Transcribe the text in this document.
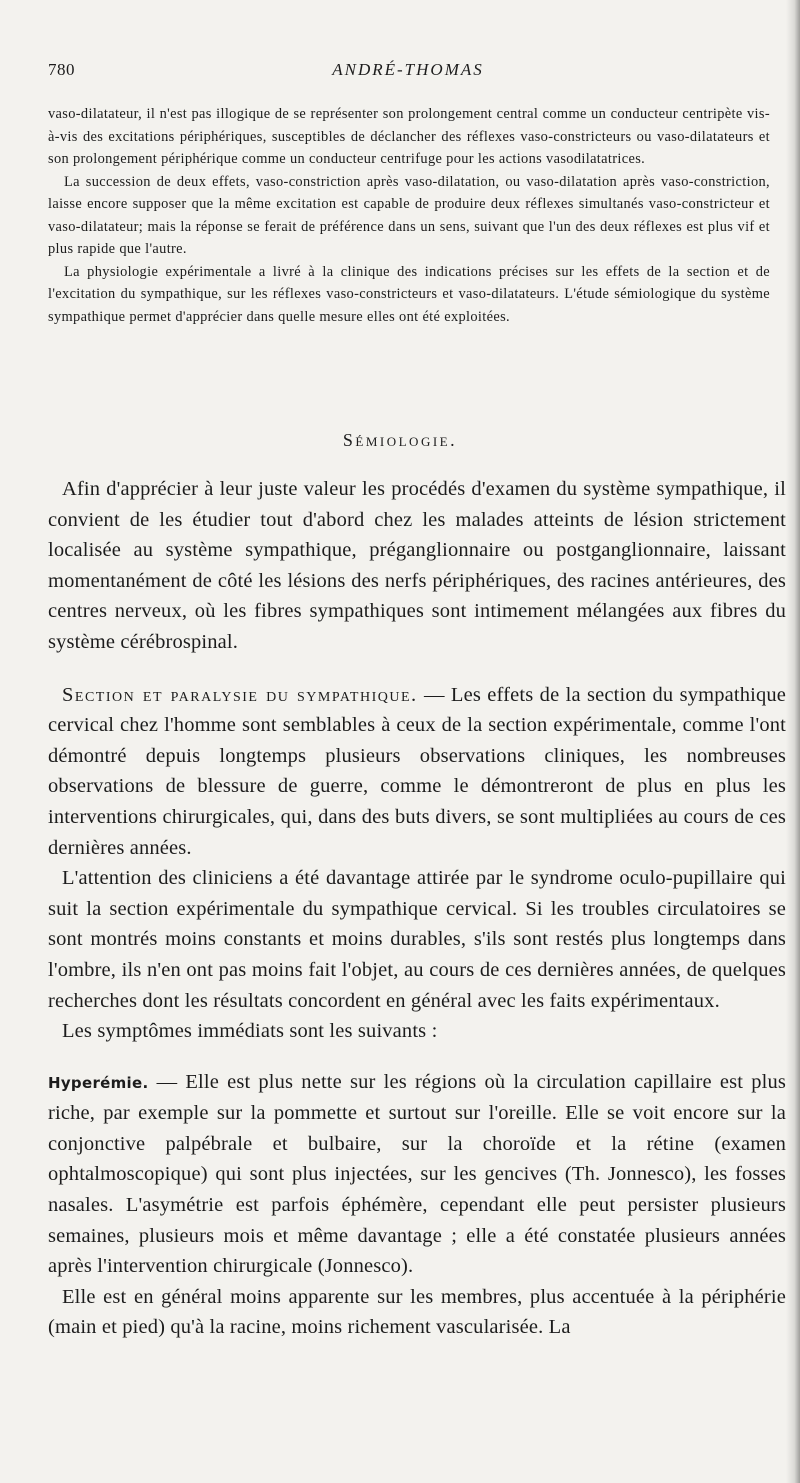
780	ANDRÉ-THOMAS

vaso-dilatateur, il n'est pas illogique de se représenter son prolongement central comme un conducteur centripète vis-à-vis des excitations périphériques, susceptibles de déclancher des réflexes vaso-constricteurs ou vaso-dilatateurs et son prolongement périphérique comme un conducteur centrifuge pour les actions vasodilatatrices.

La succession de deux effets, vaso-constriction après vaso-dilatation, ou vaso-dilatation après vaso-constriction, laisse encore supposer que la même excitation est capable de produire deux réflexes simultanés vaso-constricteur et vaso-dilatateur; mais la réponse se ferait de préférence dans un sens, suivant que l'un des deux réflexes est plus vif et plus rapide que l'autre.

La physiologie expérimentale a livré à la clinique des indications précises sur les effets de la section et de l'excitation du sympathique, sur les réflexes vaso-constricteurs et vaso-dilatateurs. L'étude sémiologique du système sympathique permet d'apprécier dans quelle mesure elles ont été exploitées.

Sémiologie.

Afin d'apprécier à leur juste valeur les procédés d'examen du système sympathique, il convient de les étudier tout d'abord chez les malades atteints de lésion strictement localisée au système sympathique, préganglionnaire ou postganglionnaire, laissant momentanément de côté les lésions des nerfs périphériques, des racines antérieures, des centres nerveux, où les fibres sympathiques sont intimement mélangées aux fibres du système cérébrospinal.

Section et paralysie du sympathique. — Les effets de la section du sympathique cervical chez l'homme sont semblables à ceux de la section expérimentale, comme l'ont démontré depuis longtemps plusieurs observations cliniques, les nombreuses observations de blessure de guerre, comme le démontreront de plus en plus les interventions chirurgicales, qui, dans des buts divers, se sont multipliées au cours de ces dernières années.

L'attention des cliniciens a été davantage attirée par le syndrome oculo-pupillaire qui suit la section expérimentale du sympathique cervical. Si les troubles circulatoires se sont montrés moins constants et moins durables, s'ils sont restés plus longtemps dans l'ombre, ils n'en ont pas moins fait l'objet, au cours de ces dernières années, de quelques recherches dont les résultats concordent en général avec les faits expérimentaux.

Les symptômes immédiats sont les suivants :

Hyperémie. — Elle est plus nette sur les régions où la circulation capillaire est plus riche, par exemple sur la pommette et surtout sur l'oreille. Elle se voit encore sur la conjonctive palpébrale et bulbaire, sur la choroïde et la rétine (examen ophtalmoscopique) qui sont plus injectées, sur les gencives (Th. Jonnesco), les fosses nasales. L'asymétrie est parfois éphémère, cependant elle peut persister plusieurs semaines, plusieurs mois et même davantage ; elle a été constatée plusieurs années après l'intervention chirurgicale (Jonnesco).

Elle est en général moins apparente sur les membres, plus accentuée à la périphérie (main et pied) qu'à la racine, moins richement vascularisée. La
